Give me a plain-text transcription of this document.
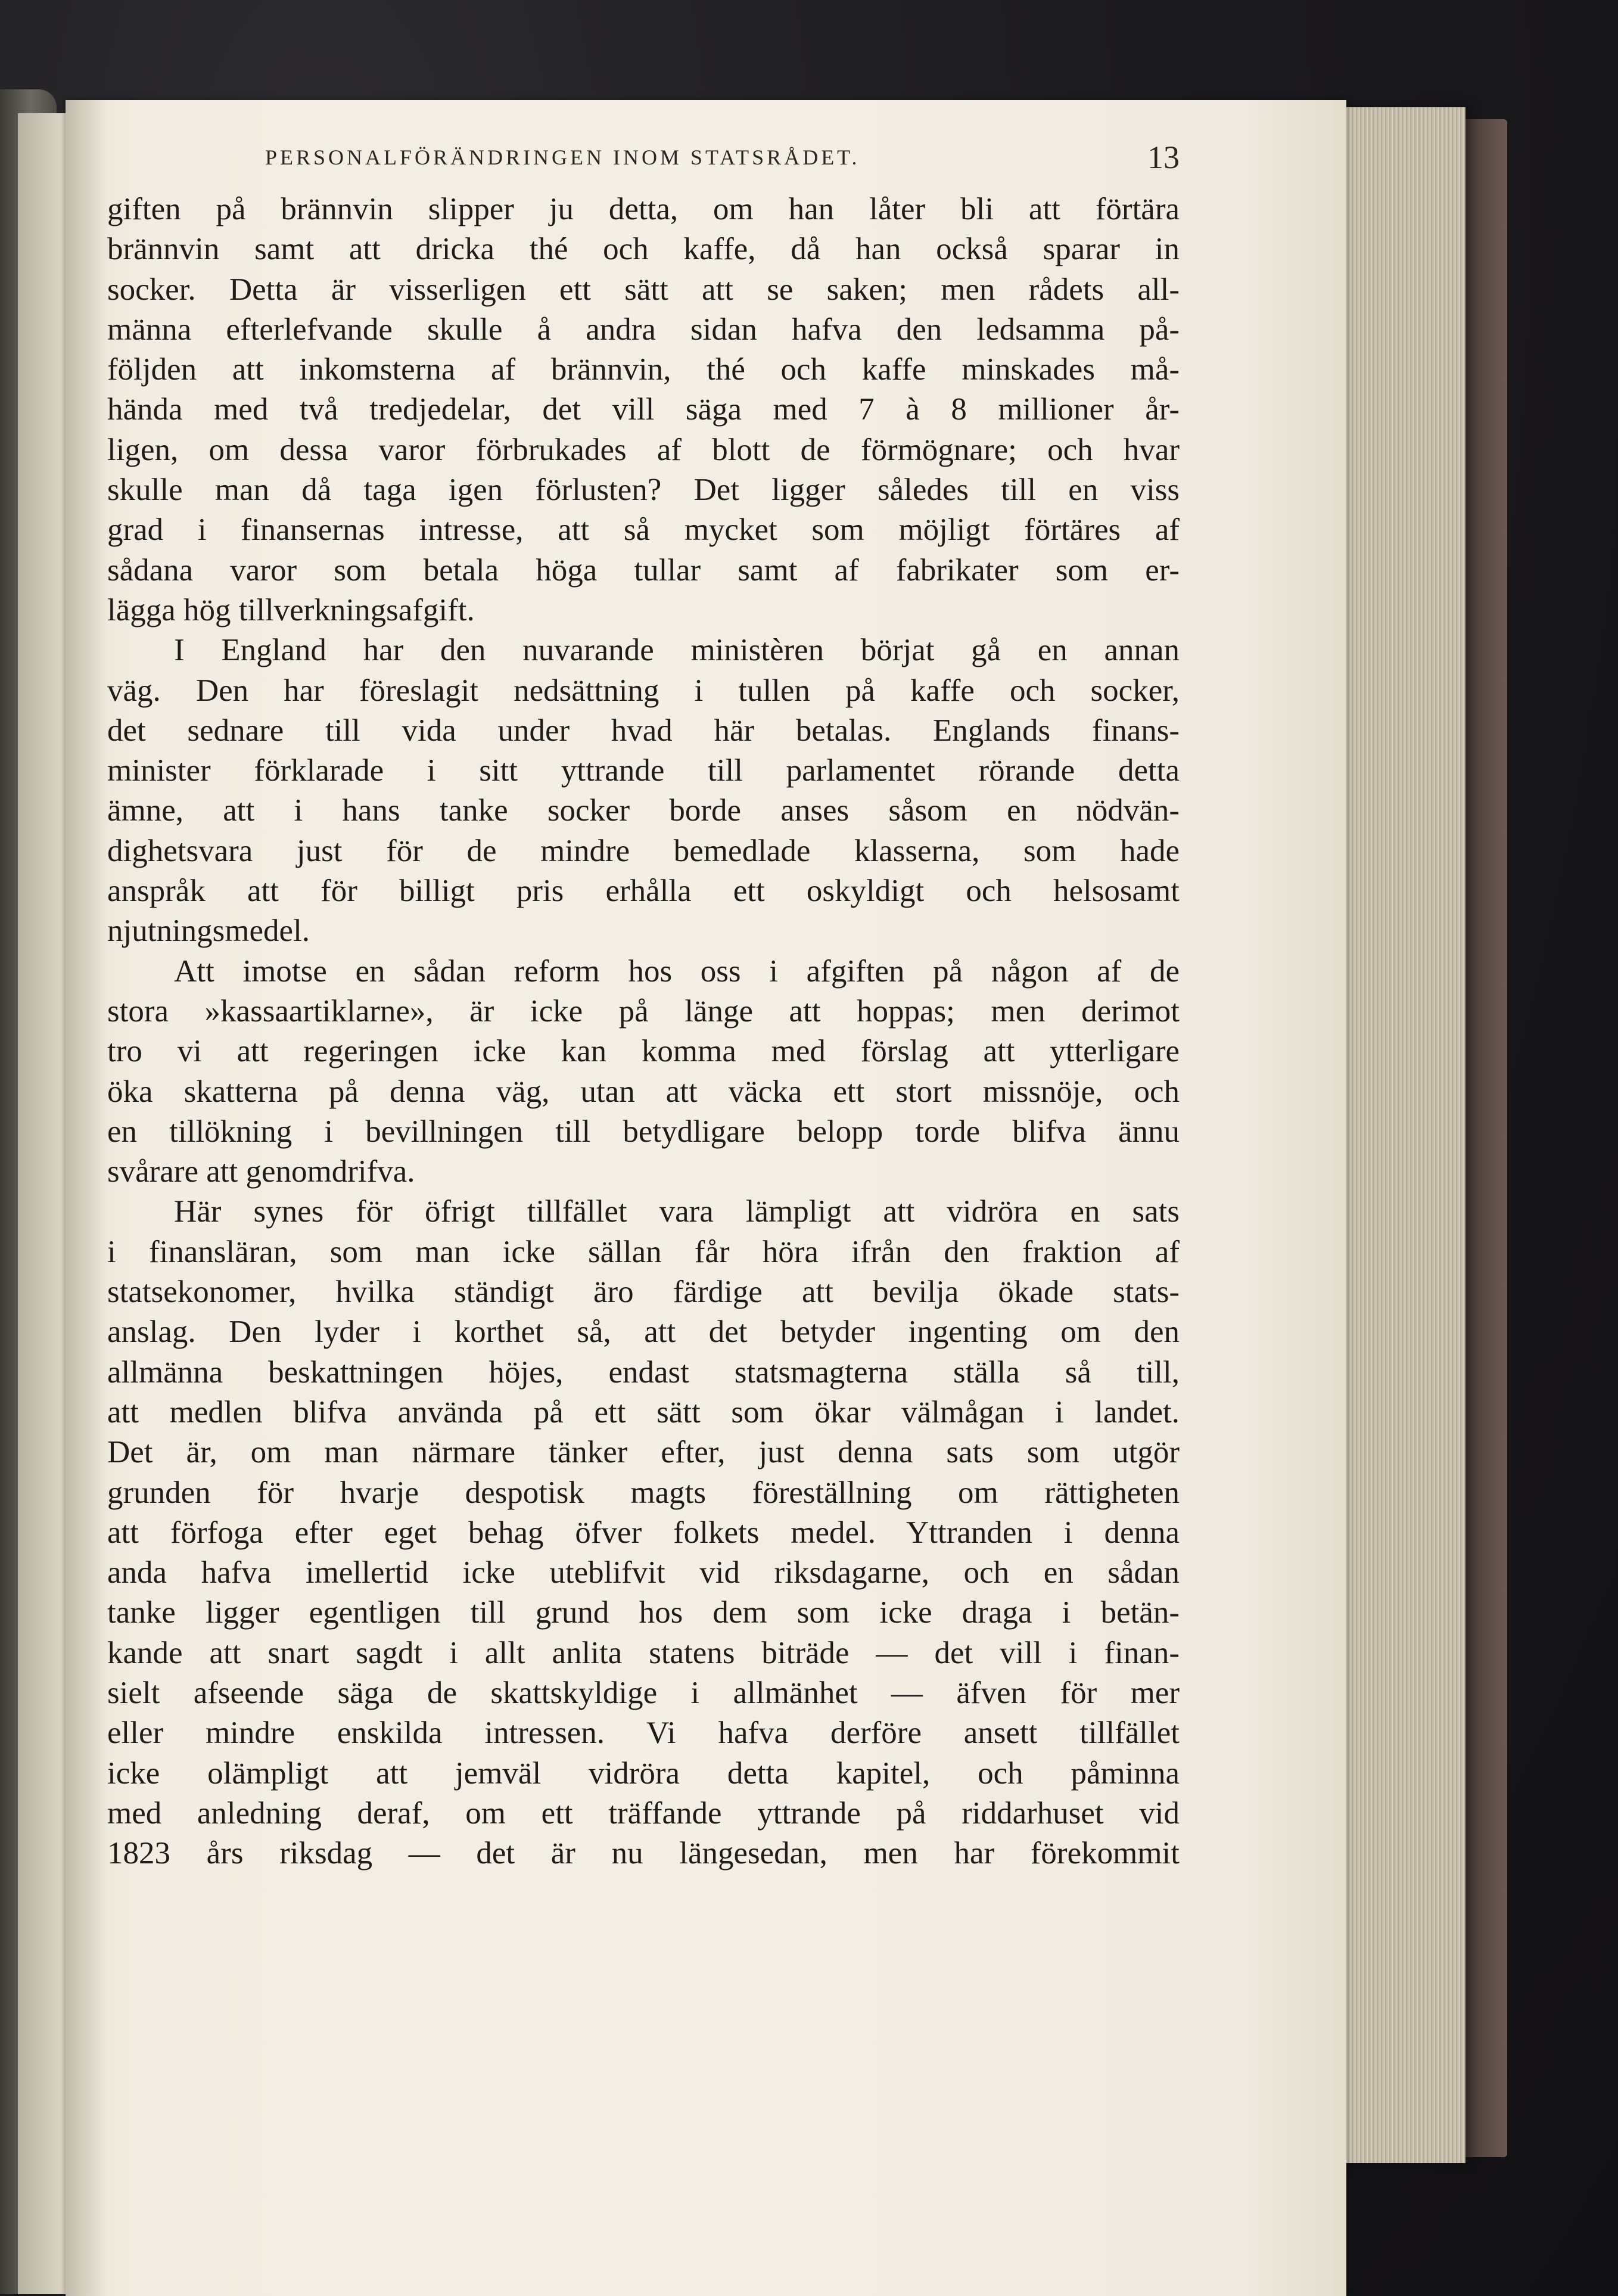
PERSONALFÖRÄNDRINGEN INOM STATSRÅDET.	13
giften på brännvin slipper ju detta, om han låter bli att förtära
brännvin samt att dricka thé och kaffe, då han också sparar in
socker. Detta är visserligen ett sätt att se saken; men rådets all-
männa efterlefvande skulle å andra sidan hafva den ledsamma på-
följden att inkomsterna af brännvin, thé och kaffe minskades må-
hända med två tredjedelar, det vill säga med 7 à 8 millioner år-
ligen, om dessa varor förbrukades af blott de förmögnare; och hvar
skulle man då taga igen förlusten? Det ligger således till en viss
grad i finansernas intresse, att så mycket som möjligt förtäres af
sådana varor som betala höga tullar samt af fabrikater som er-
lägga hög tillverkningsafgift.
I England har den nuvarande ministèren börjat gå en annan
väg. Den har föreslagit nedsättning i tullen på kaffe och socker,
det sednare till vida under hvad här betalas. Englands finans-
minister förklarade i sitt yttrande till parlamentet rörande detta
ämne, att i hans tanke socker borde anses såsom en nödvän-
dighetsvara just för de mindre bemedlade klasserna, som hade
anspråk att för billigt pris erhålla ett oskyldigt och helsosamt
njutningsmedel.
Att imotse en sådan reform hos oss i afgiften på någon af de
stora »kassaartiklarne», är icke på länge att hoppas; men derimot
tro vi att regeringen icke kan komma med förslag att ytterligare
öka skatterna på denna väg, utan att väcka ett stort missnöje, och
en tillökning i bevillningen till betydligare belopp torde blifva ännu
svårare att genomdrifva.
Här synes för öfrigt tillfället vara lämpligt att vidröra en sats
i finansläran, som man icke sällan får höra ifrån den fraktion af
statsekonomer, hvilka ständigt äro färdige att bevilja ökade stats-
anslag. Den lyder i korthet så, att det betyder ingenting om den
allmänna beskattningen höjes, endast statsmagterna ställa så till,
att medlen blifva använda på ett sätt som ökar välmågan i landet.
Det är, om man närmare tänker efter, just denna sats som utgör
grunden för hvarje despotisk magts föreställning om rättigheten
att förfoga efter eget behag öfver folkets medel. Yttranden i denna
anda hafva imellertid icke uteblifvit vid riksdagarne, och en sådan
tanke ligger egentligen till grund hos dem som icke draga i betän-
kande att snart sagdt i allt anlita statens biträde — det vill i finan-
sielt afseende säga de skattskyldige i allmänhet — äfven för mer
eller mindre enskilda intressen. Vi hafva derföre ansett tillfället
icke olämpligt att jemväl vidröra detta kapitel, och påminna
med anledning deraf, om ett träffande yttrande på riddarhuset vid
1823 års riksdag — det är nu längesedan, men har förekommit
